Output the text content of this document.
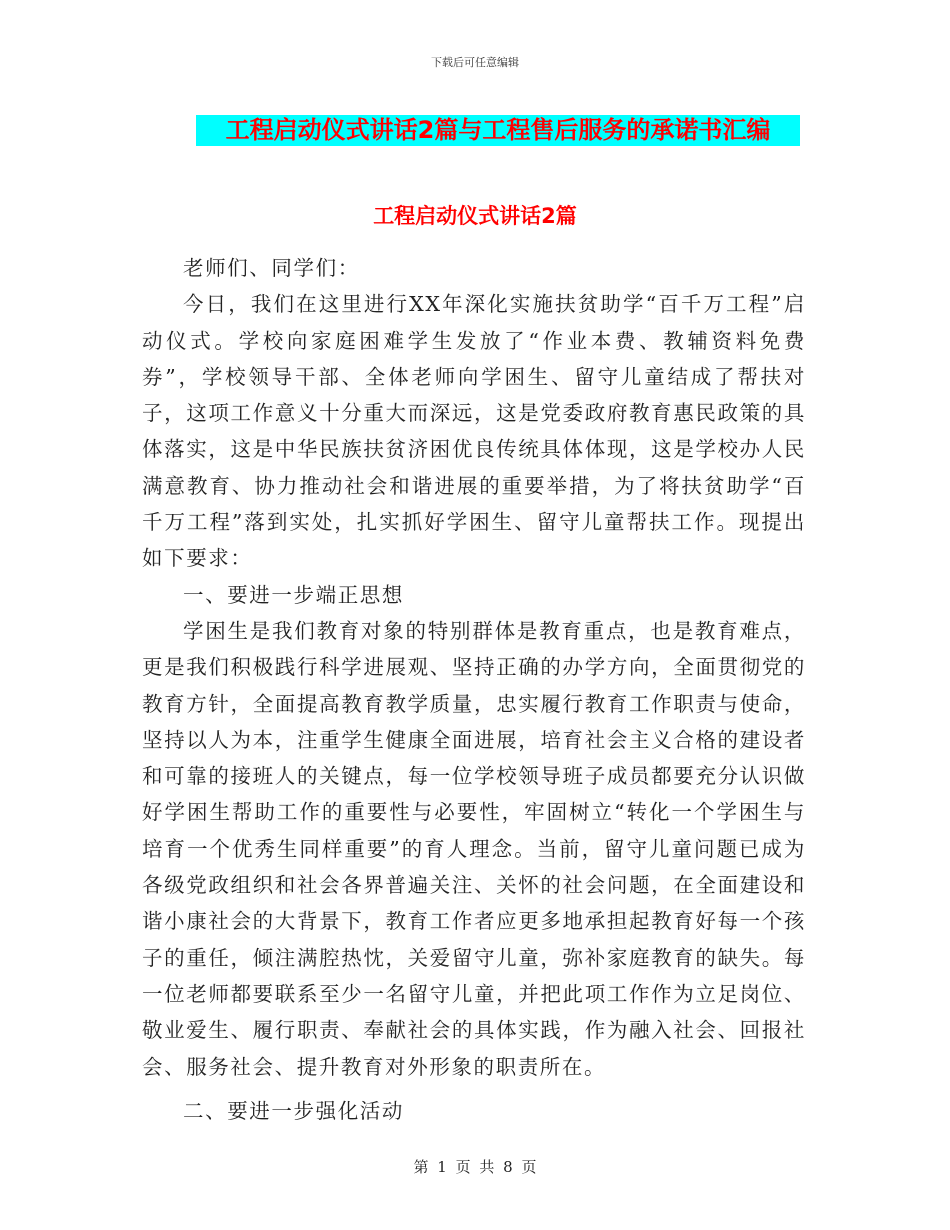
下载后可任意编辑
工程启动仪式讲话2篇与工程售后服务的承诺书汇编
工程启动仪式讲话2篇

老师们、同学们：

今日，我们在这里进行XX年深化实施扶贫助学“百千万工程”启动仪式。学校向家庭困难学生发放了“作业本费、教辅资料免费券”，学校领导干部、全体老师向学困生、留守儿童结成了帮扶对子，这项工作意义十分重大而深远，这是党委政府教育惠民政策的具体落实，这是中华民族扶贫济困优良传统具体体现，这是学校办人民满意教育、协力推动社会和谐进展的重要举措，为了将扶贫助学“百千万工程”落到实处，扎实抓好学困生、留守儿童帮扶工作。现提出如下要求：

一、要进一步端正思想

学困生是我们教育对象的特别群体是教育重点，也是教育难点，更是我们积极践行科学进展观、坚持正确的办学方向，全面贯彻党的教育方针，全面提高教育教学质量，忠实履行教育工作职责与使命，坚持以人为本，注重学生健康全面进展，培育社会主义合格的建设者和可靠的接班人的关键点，每一位学校领导班子成员都要充分认识做好学困生帮助工作的重要性与必要性，牢固树立“转化一个学困生与培育一个优秀生同样重要”的育人理念。当前，留守儿童问题已成为各级党政组织和社会各界普遍关注、关怀的社会问题，在全面建设和谐小康社会的大背景下，教育工作者应更多地承担起教育好每一个孩子的重任，倾注满腔热忱，关爱留守儿童，弥补家庭教育的缺失。每一位老师都要联系至少一名留守儿童，并把此项工作作为立足岗位、敬业爱生、履行职责、奉献社会的具体实践，作为融入社会、回报社会、服务社会、提升教育对外形象的职责所在。

二、要进一步强化活动

第 1 页 共 8 页
